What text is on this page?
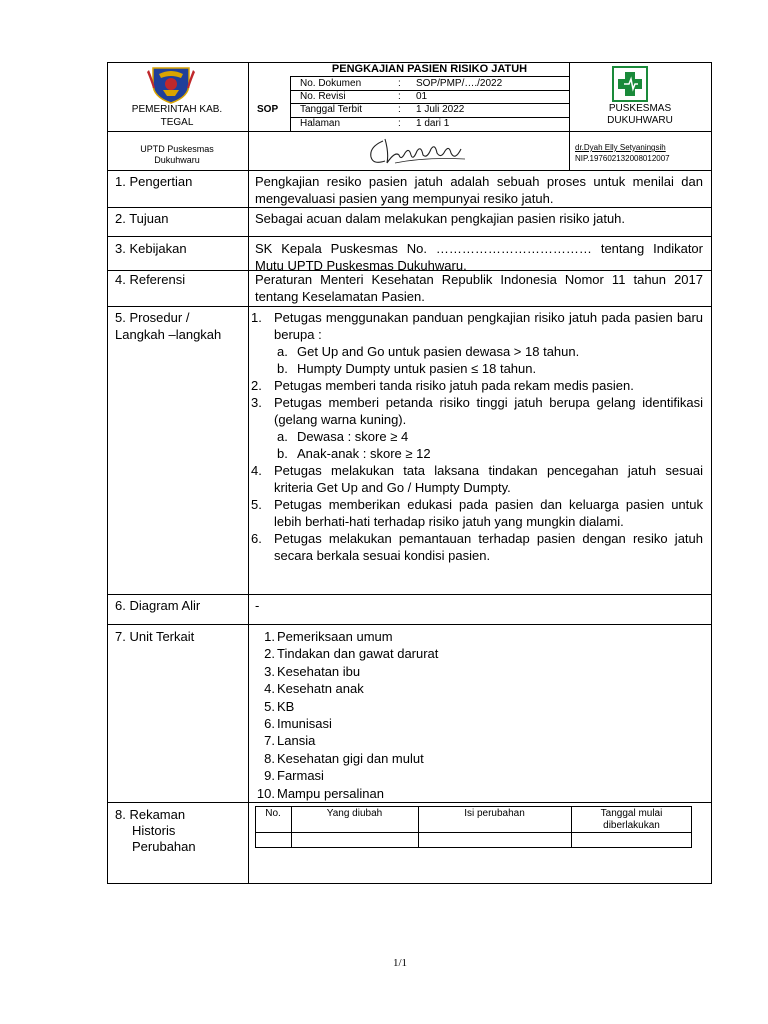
PEMERINTAH KAB. TEGAL
PENGKAJIAN PASIEN RISIKO JATUH
SOP
No. Dokumen	: SOP/PMP/…./2022
No. Revisi	: 01
Tanggal Terbit	: 1 Juli 2022
Halaman	: 1 dari 1
PUSKESMAS DUKUHWARU
UPTD Puskesmas Dukuhwaru
dr.Dyah Elly Setyaningsih
NIP.197602132008012007
1. Pengertian	Pengkajian resiko pasien jatuh adalah sebuah proses untuk menilai dan mengevaluasi pasien yang mempunyai resiko jatuh.
2. Tujuan	Sebagai acuan dalam melakukan pengkajian pasien risiko jatuh.
3. Kebijakan	SK Kepala Puskesmas No. ……………………………… tentang Indikator Mutu UPTD Puskesmas Dukuhwaru.
4. Referensi	Peraturan Menteri Kesehatan Republik Indonesia Nomor 11 tahun 2017 tentang Keselamatan Pasien.
5. Prosedur /
Langkah –langkah
1. Petugas menggunakan panduan pengkajian risiko jatuh pada pasien baru berupa :
a. Get Up and Go untuk pasien dewasa > 18 tahun.
b. Humpty Dumpty untuk pasien ≤ 18 tahun.
2. Petugas memberi tanda risiko jatuh pada rekam medis pasien.
3. Petugas memberi petanda risiko tinggi jatuh berupa gelang identifikasi (gelang warna kuning).
a. Dewasa : skore ≥ 4
b. Anak-anak : skore ≥ 12
4. Petugas melakukan tata laksana tindakan pencegahan jatuh sesuai kriteria Get Up and Go / Humpty Dumpty.
5. Petugas memberikan edukasi pada pasien dan keluarga pasien untuk lebih berhati-hati terhadap risiko jatuh yang mungkin dialami.
6. Petugas melakukan pemantauan terhadap pasien dengan resiko jatuh secara berkala sesuai kondisi pasien.
6. Diagram Alir	-
7. Unit Terkait	1. Pemeriksaan umum
2. Tindakan dan gawat darurat
3. Kesehatan ibu
4. Kesehatn anak
5. KB
6. Imunisasi
7. Lansia
8. Kesehatan gigi dan mulut
9. Farmasi
10. Mampu persalinan
8. Rekaman
Historis
Perubahan
No.	Yang diubah	Isi perubahan	Tanggal mulai
diberlakukan
1/1
